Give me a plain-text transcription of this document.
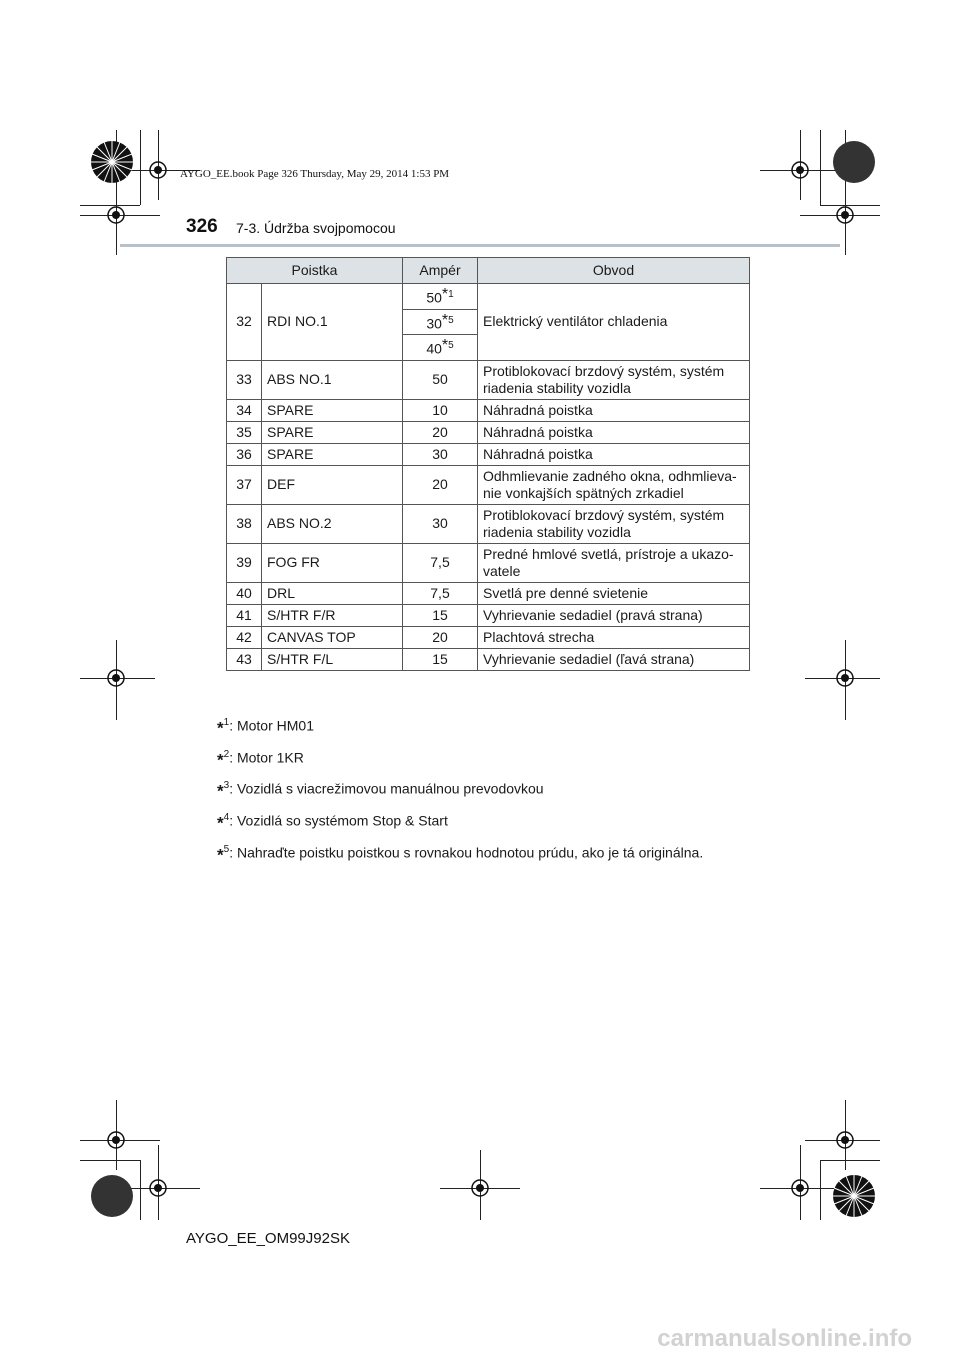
AYGO_EE.book Page 326 Thursday, May 29, 2014 1:53 PM
326 7-3. Údržba svojpomocou
Poistka		Ampér	Obvod
32	RDI NO.1	50*$^1$	Elektrický ventilátor chladenia
		30*$^5$
		40*$^5$
33	ABS NO.1	50	Protiblokovací brzdový systém, systém riadenia stability vozidla
34	SPARE	10	Náhradná poistka
35	SPARE	20	Náhradná poistka
36	SPARE	30	Náhradná poistka
37	DEF	20	Odhmlievanie zadného okna, odhmlieva-nie vonkajších spätných zrkadiel
38	ABS NO.2	30	Protiblokovací brzdový systém, systém riadenia stability vozidla
39	FOG FR	7,5	Predné hmlové svetlá, prístroje a ukazo-vatele
40	DRL	7,5	Svetlá pre denné svietenie
41	S/HTR F/R	15	Vyhrievanie sedadiel (pravá strana)
42	CANVAS TOP	20	Plachtová strecha
43	S/HTR F/L	15	Vyhrievanie sedadiel (ľavá strana)
*$^1$: Motor HM01
*$^2$: Motor 1KR
*$^3$: Vozidlá s viacrežimovou manuálnou prevodovkou
*$^4$: Vozidlá so systémom Stop & Start
*$^5$: Nahraďte poistku poistkou s rovnakou hodnotou prúdu, ako je tá originálna.
AYGO_EE_OM99J92SK
carmanualsonline.info
